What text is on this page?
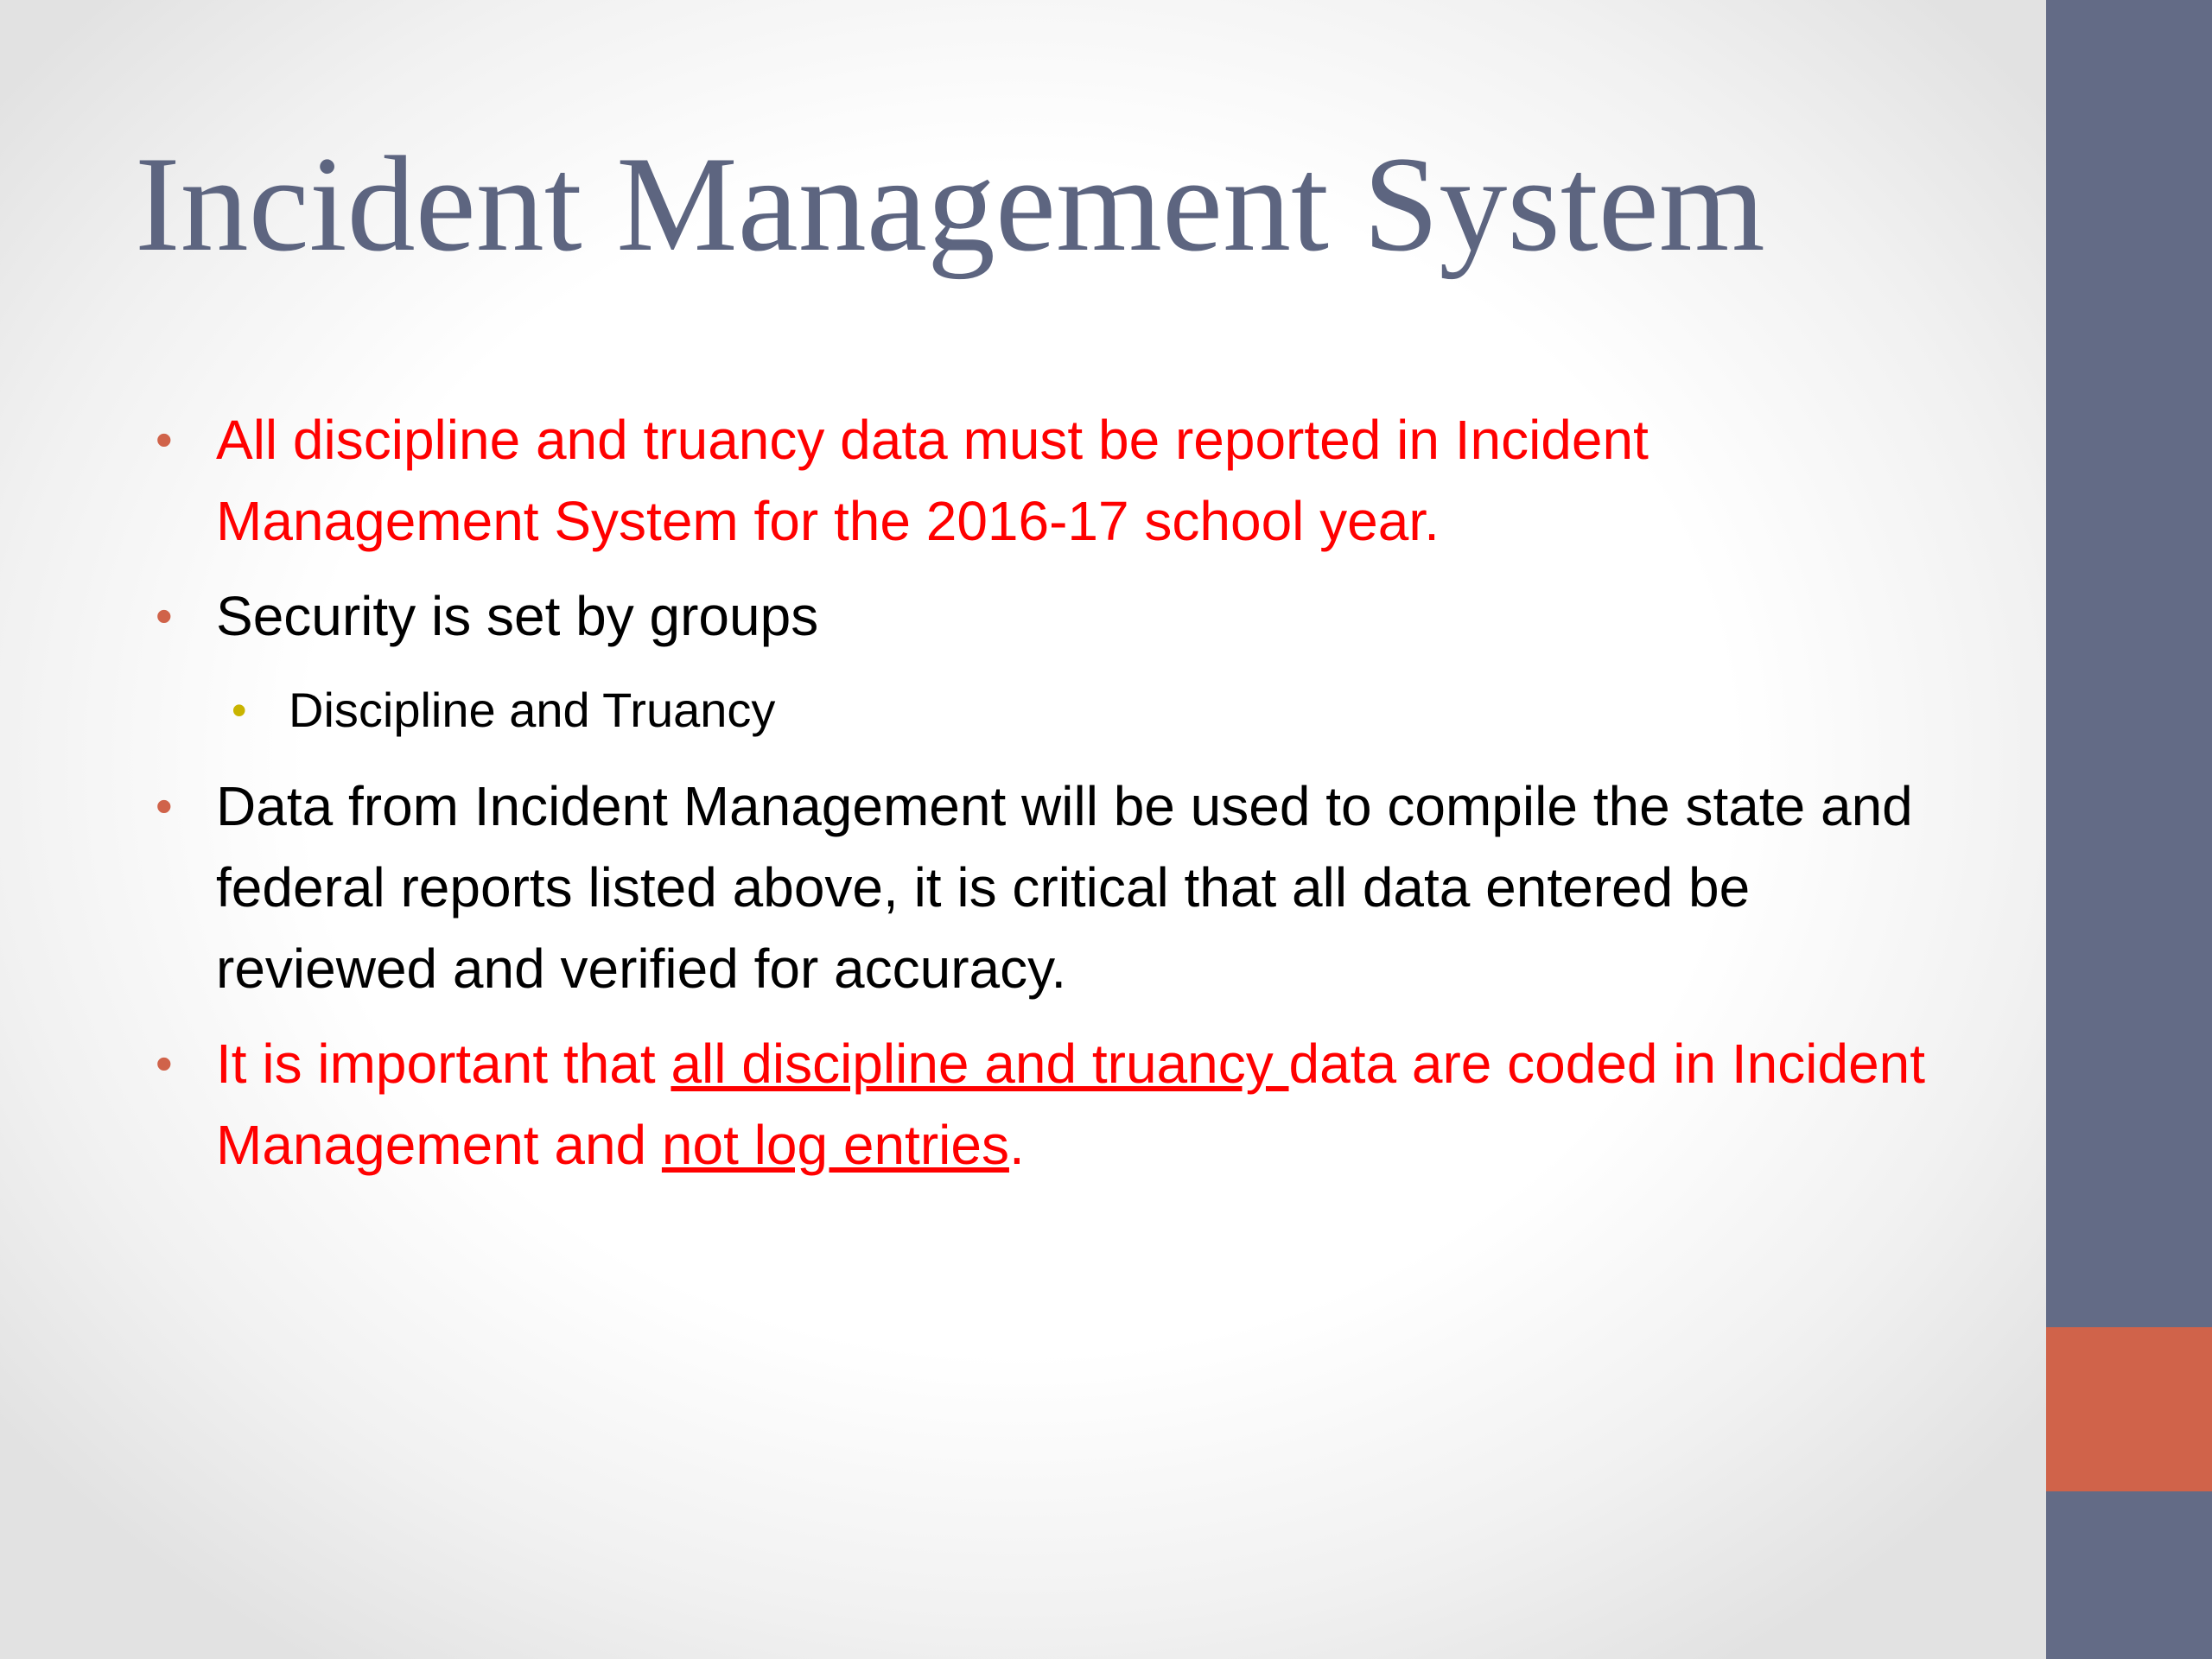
Incident Management System
• All discipline and truancy data must be reported in Incident Management System for the 2016-17 school year.
• Security is set by groups
• Discipline and Truancy
• Data from Incident Management will be used to compile the state and federal reports listed above, it is critical that all data entered be reviewed and verified for accuracy.
• It is important that all discipline and truancy data are coded in Incident Management and not log entries.
